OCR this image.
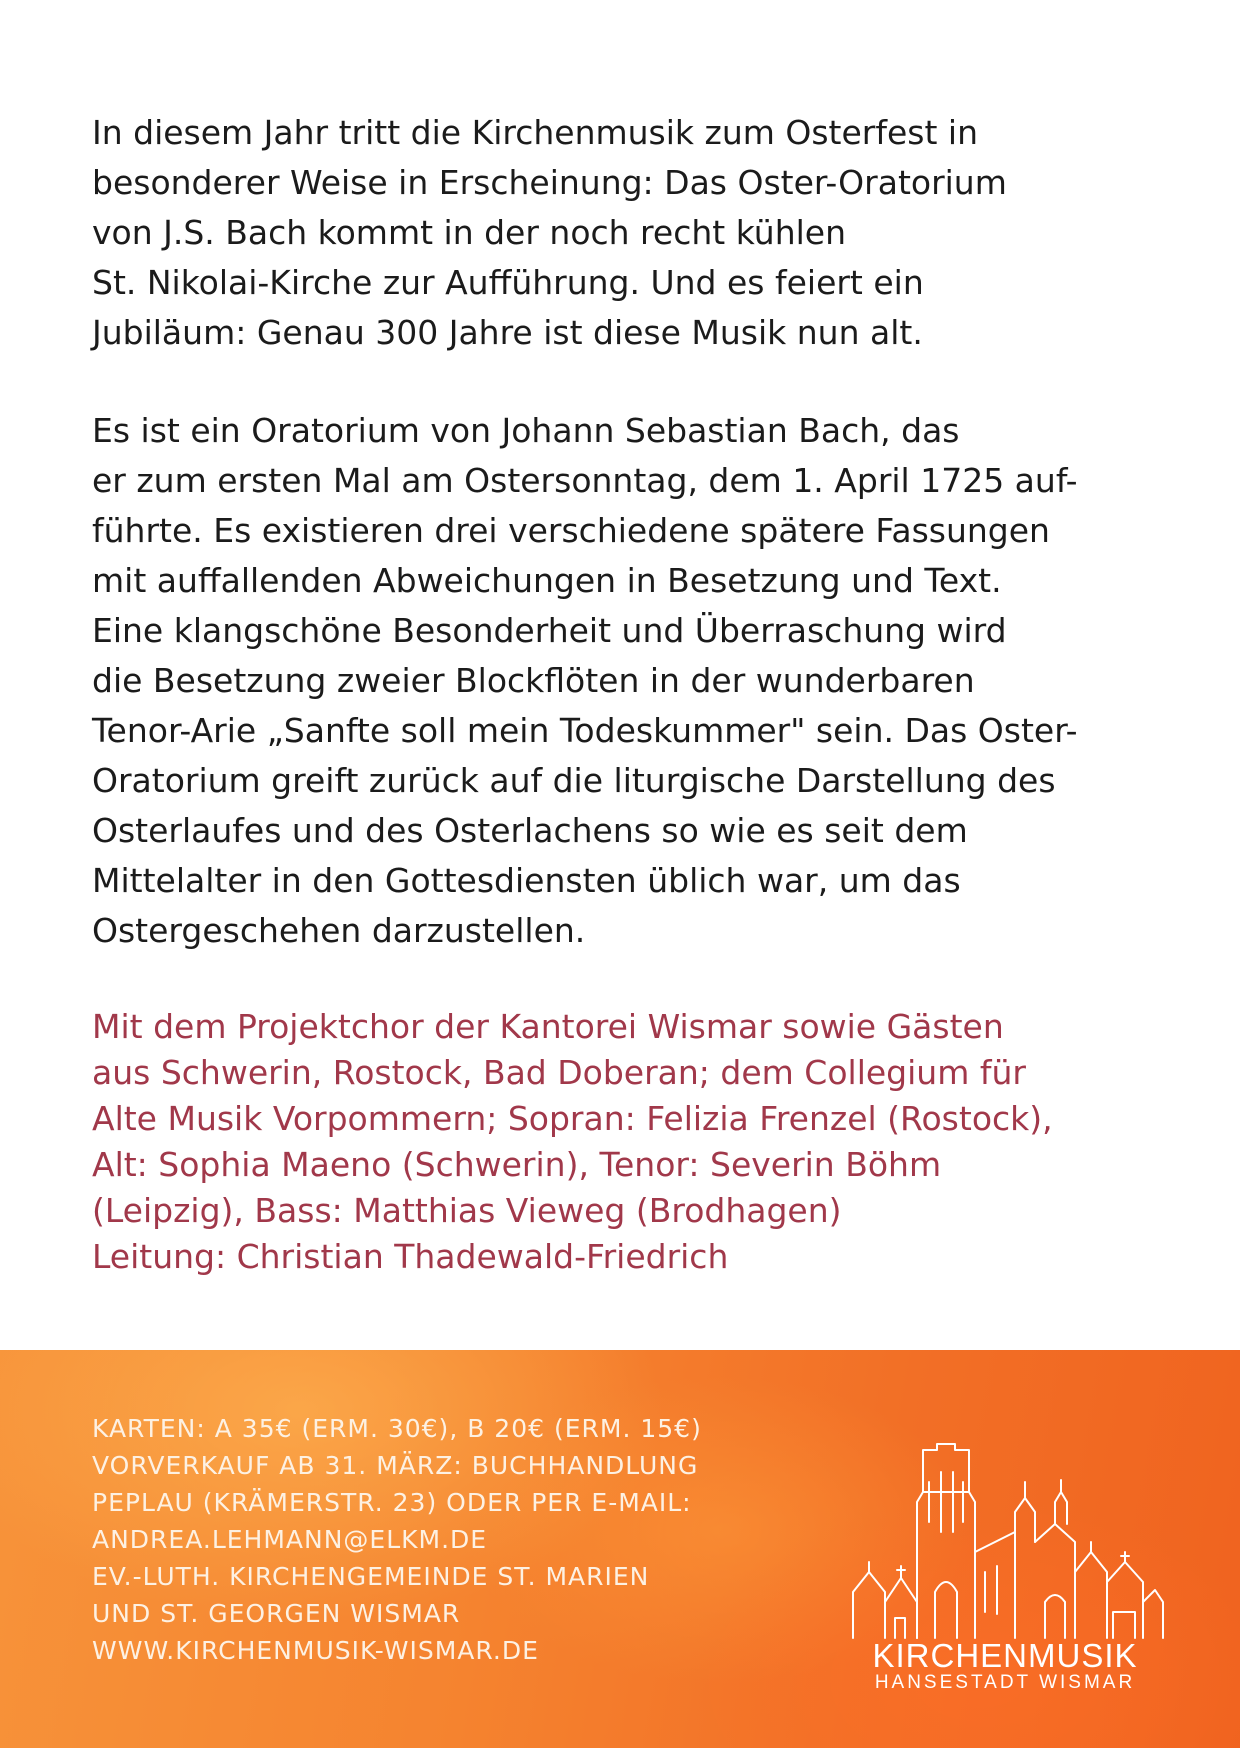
In diesem Jahr tritt die Kirchenmusik zum Osterfest in
besonderer Weise in Erscheinung: Das Oster-Oratorium
von J.S. Bach kommt in der noch recht kühlen
St. Nikolai-Kirche zur Aufführung. Und es feiert ein
Jubiläum: Genau 300 Jahre ist diese Musik nun alt.

Es ist ein Oratorium von Johann Sebastian Bach, das
er zum ersten Mal am Ostersonntag, dem 1. April 1725 auf-
führte. Es existieren drei verschiedene spätere Fassungen
mit auffallenden Abweichungen in Besetzung und Text.
Eine klangschöne Besonderheit und Überraschung wird
die Besetzung zweier Blockflöten in der wunderbaren
Tenor-Arie „Sanfte soll mein Todeskummer" sein. Das Oster-
Oratorium greift zurück auf die liturgische Darstellung des
Osterlaufes und des Osterlachens so wie es seit dem
Mittelalter in den Gottesdiensten üblich war, um das
Ostergeschehen darzustellen.

Mit dem Projektchor der Kantorei Wismar sowie Gästen
aus Schwerin, Rostock, Bad Doberan; dem Collegium für
Alte Musik Vorpommern; Sopran: Felizia Frenzel (Rostock),
Alt: Sophia Maeno (Schwerin), Tenor: Severin Böhm
(Leipzig), Bass: Matthias Vieweg (Brodhagen)
Leitung: Christian Thadewald-Friedrich

KARTEN: A 35€ (ERM. 30€), B 20€ (ERM. 15€)
VORVERKAUF AB 31. MÄRZ: BUCHHANDLUNG
PEPLAU (KRÄMERSTR. 23) ODER PER E-MAIL:
ANDREA.LEHMANN@ELKM.DE
EV.-LUTH. KIRCHENGEMEINDE ST. MARIEN
UND ST. GEORGEN WISMAR
WWW.KIRCHENMUSIK-WISMAR.DE	KIRCHENMUSIK
HANSESTADT WISMAR
